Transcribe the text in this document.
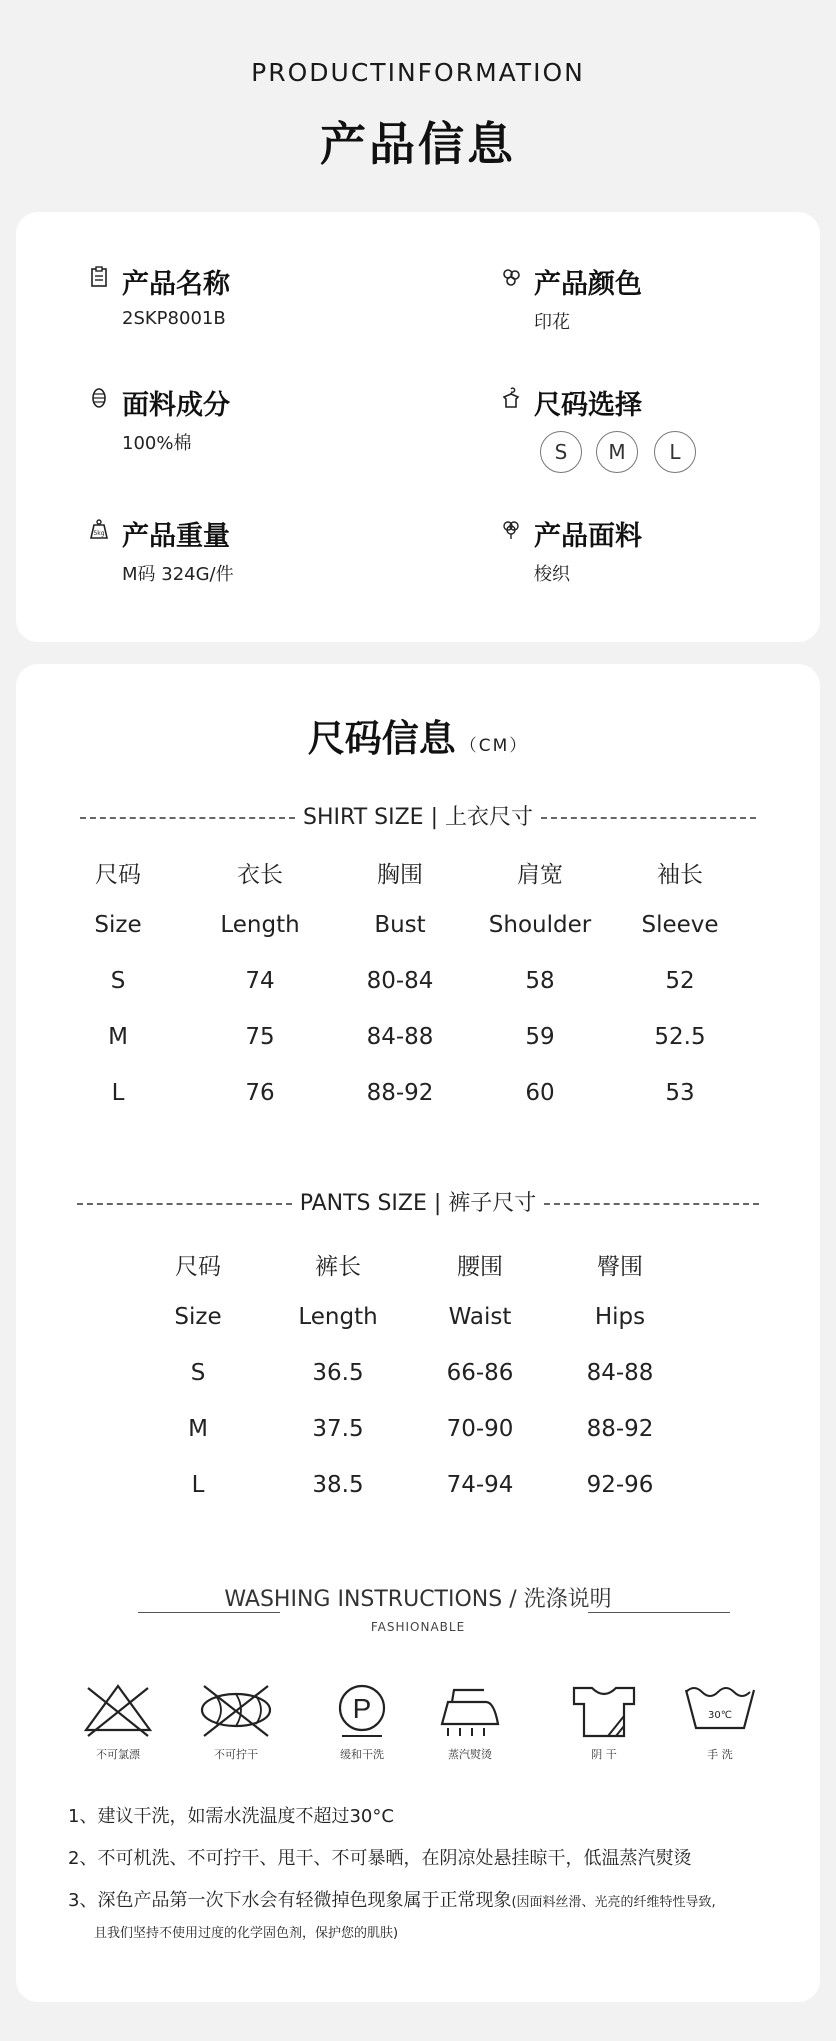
PRODUCTINFORMATION
产品信息
产品名称
2SKP8001B
产品颜色
印花
面料成分
100%棉
尺码选择
S	M	L
5kg 产品重量
M码 324G/件
产品面料
梭织
尺码信息 （CM）
SHIRT SIZE | 上衣尺寸
尺码	衣长	胸围	肩宽	袖长
Size	Length	Bust	Shoulder	Sleeve
S	74	80-84	58	52
M	75	84-88	59	52.5
L	76	88-92	60	53
PANTS SIZE | 裤子尺寸
尺码	裤长	腰围	臀围
Size	Length	Waist	Hips
S	36.5	66-86	84-88
M	37.5	70-90	88-92
L	38.5	74-94	92-96
WASHING INSTRUCTIONS / 洗涤说明
FASHIONABLE
P	30℃
不可氯漂	不可拧干	缓和干洗	蒸汽熨烫	阴 干	手 洗
1、建议干洗，如需水洗温度不超过30°C
2、不可机洗、不可拧干、甩干、不可暴晒，在阴凉处悬挂晾干，低温蒸汽熨烫
3、深色产品第一次下水会有轻微掉色现象属于正常现象(因面料丝滑、光亮的纤维特性导致,
且我们坚持不使用过度的化学固色剂，保护您的肌肤)
